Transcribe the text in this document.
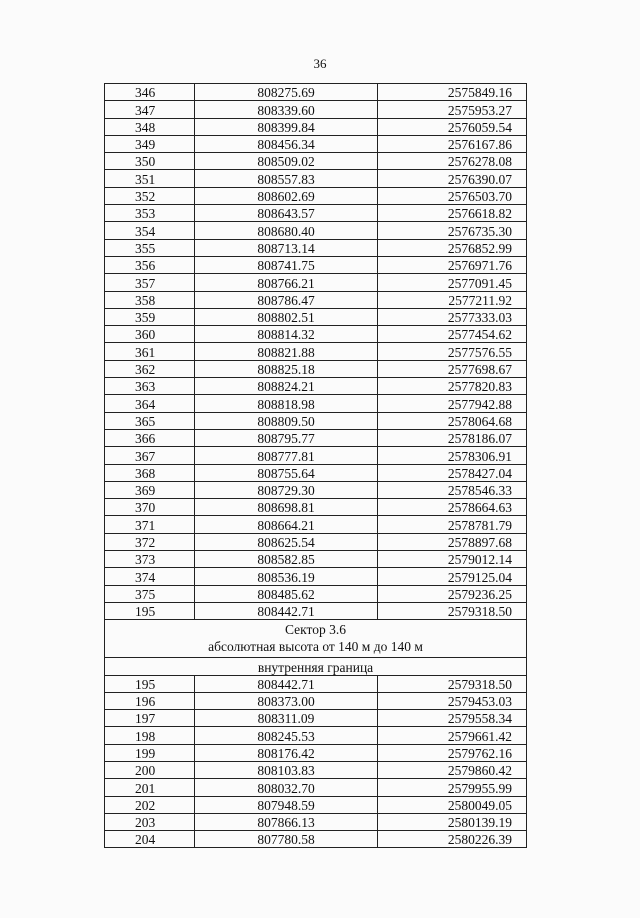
36
346	808275.69	2575849.16
347	808339.60	2575953.27
348	808399.84	2576059.54
349	808456.34	2576167.86
350	808509.02	2576278.08
351	808557.83	2576390.07
352	808602.69	2576503.70
353	808643.57	2576618.82
354	808680.40	2576735.30
355	808713.14	2576852.99
356	808741.75	2576971.76
357	808766.21	2577091.45
358	808786.47	2577211.92
359	808802.51	2577333.03
360	808814.32	2577454.62
361	808821.88	2577576.55
362	808825.18	2577698.67
363	808824.21	2577820.83
364	808818.98	2577942.88
365	808809.50	2578064.68
366	808795.77	2578186.07
367	808777.81	2578306.91
368	808755.64	2578427.04
369	808729.30	2578546.33
370	808698.81	2578664.63
371	808664.21	2578781.79
372	808625.54	2578897.68
373	808582.85	2579012.14
374	808536.19	2579125.04
375	808485.62	2579236.25
195	808442.71	2579318.50

Сектор 3.6
абсолютная высота от 140 м до 140 м		

внутренняя граница		
195	808442.71	2579318.50
196	808373.00	2579453.03
197	808311.09	2579558.34
198	808245.53	2579661.42
199	808176.42	2579762.16
200	808103.83	2579860.42
201	808032.70	2579955.99
202	807948.59	2580049.05
203	807866.13	2580139.19
204	807780.58	2580226.39
